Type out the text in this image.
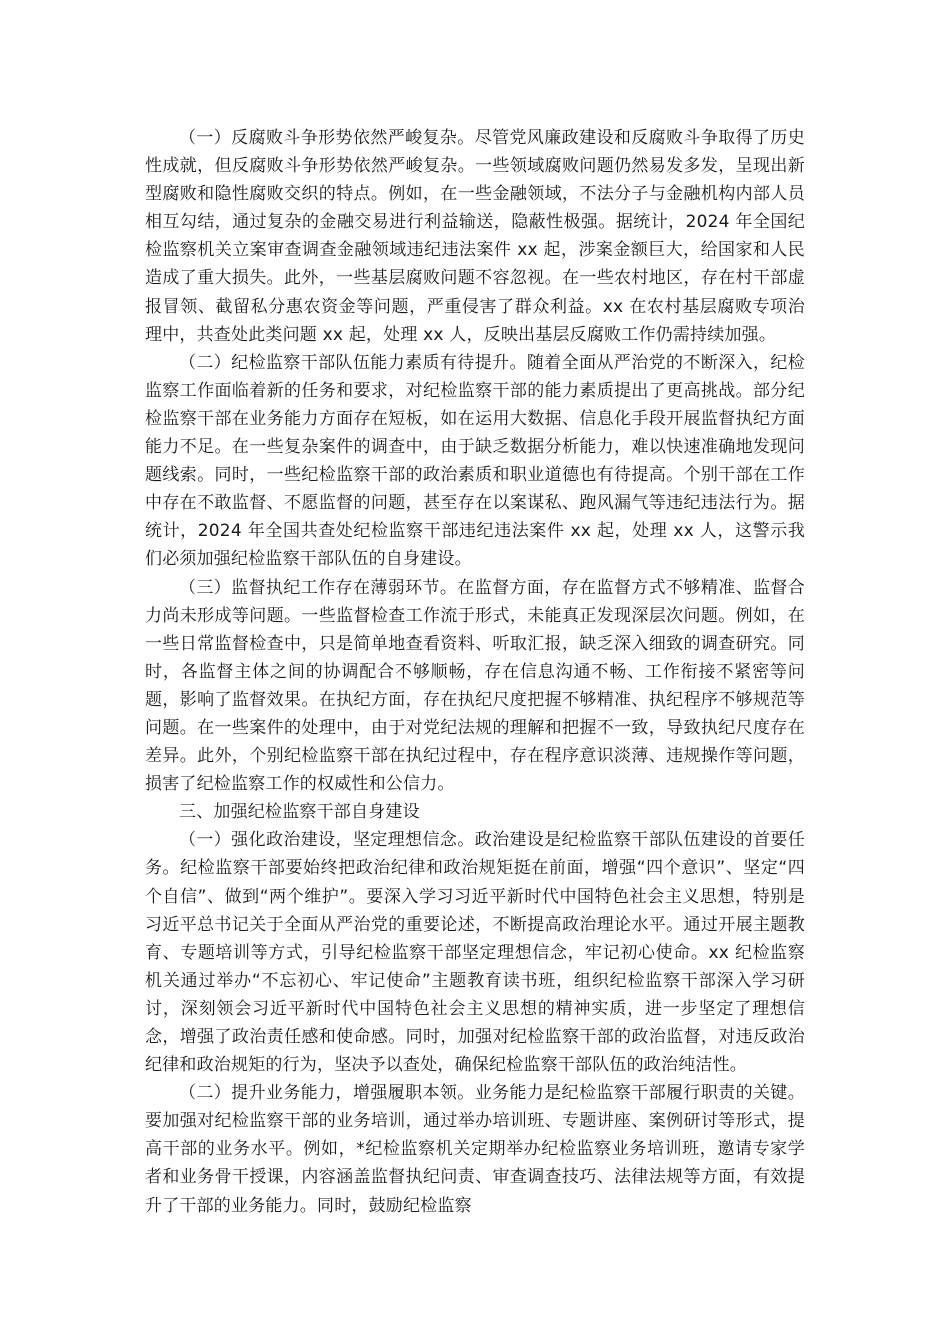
（一）反腐败斗争形势依然严峻复杂。尽管党风廉政建设和反腐败斗争取得了历史性成就，但反腐败斗争形势依然严峻复杂。一些领域腐败问题仍然易发多发，呈现出新型腐败和隐性腐败交织的特点。例如，在一些金融领域，不法分子与金融机构内部人员相互勾结，通过复杂的金融交易进行利益输送，隐蔽性极强。据统计，2024 年全国纪检监察机关立案审查调查金融领域违纪违法案件 xx 起，涉案金额巨大，给国家和人民造成了重大损失。此外，一些基层腐败问题不容忽视。在一些农村地区，存在村干部虚报冒领、截留私分惠农资金等问题，严重侵害了群众利益。xx 在农村基层腐败专项治理中，共查处此类问题 xx 起，处理 xx 人，反映出基层反腐败工作仍需持续加强。

（二）纪检监察干部队伍能力素质有待提升。随着全面从严治党的不断深入，纪检监察工作面临着新的任务和要求，对纪检监察干部的能力素质提出了更高挑战。部分纪检监察干部在业务能力方面存在短板，如在运用大数据、信息化手段开展监督执纪方面能力不足。在一些复杂案件的调查中，由于缺乏数据分析能力，难以快速准确地发现问题线索。同时，一些纪检监察干部的政治素质和职业道德也有待提高。个别干部在工作中存在不敢监督、不愿监督的问题，甚至存在以案谋私、跑风漏气等违纪违法行为。据统计，2024 年全国共查处纪检监察干部违纪违法案件 xx 起，处理 xx 人，这警示我们必须加强纪检监察干部队伍的自身建设。

（三）监督执纪工作存在薄弱环节。在监督方面，存在监督方式不够精准、监督合力尚未形成等问题。一些监督检查工作流于形式，未能真正发现深层次问题。例如，在一些日常监督检查中，只是简单地查看资料、听取汇报，缺乏深入细致的调查研究。同时，各监督主体之间的协调配合不够顺畅，存在信息沟通不畅、工作衔接不紧密等问题，影响了监督效果。在执纪方面，存在执纪尺度把握不够精准、执纪程序不够规范等问题。在一些案件的处理中，由于对党纪法规的理解和把握不一致，导致执纪尺度存在差异。此外，个别纪检监察干部在执纪过程中，存在程序意识淡薄、违规操作等问题，损害了纪检监察工作的权威性和公信力。

三、加强纪检监察干部自身建设

（一）强化政治建设，坚定理想信念。政治建设是纪检监察干部队伍建设的首要任务。纪检监察干部要始终把政治纪律和政治规矩挺在前面，增强“四个意识”、坚定“四个自信”、做到“两个维护”。要深入学习习近平新时代中国特色社会主义思想，特别是习近平总书记关于全面从严治党的重要论述，不断提高政治理论水平。通过开展主题教育、专题培训等方式，引导纪检监察干部坚定理想信念，牢记初心使命。xx 纪检监察机关通过举办“不忘初心、牢记使命”主题教育读书班，组织纪检监察干部深入学习研讨，深刻领会习近平新时代中国特色社会主义思想的精神实质，进一步坚定了理想信念，增强了政治责任感和使命感。同时，加强对纪检监察干部的政治监督，对违反政治纪律和政治规矩的行为，坚决予以查处，确保纪检监察干部队伍的政治纯洁性。

（二）提升业务能力，增强履职本领。业务能力是纪检监察干部履行职责的关键。要加强对纪检监察干部的业务培训，通过举办培训班、专题讲座、案例研讨等形式，提高干部的业务水平。例如，*纪检监察机关定期举办纪检监察业务培训班，邀请专家学者和业务骨干授课，内容涵盖监督执纪问责、审查调查技巧、法律法规等方面，有效提升了干部的业务能力。同时，鼓励纪检监察
